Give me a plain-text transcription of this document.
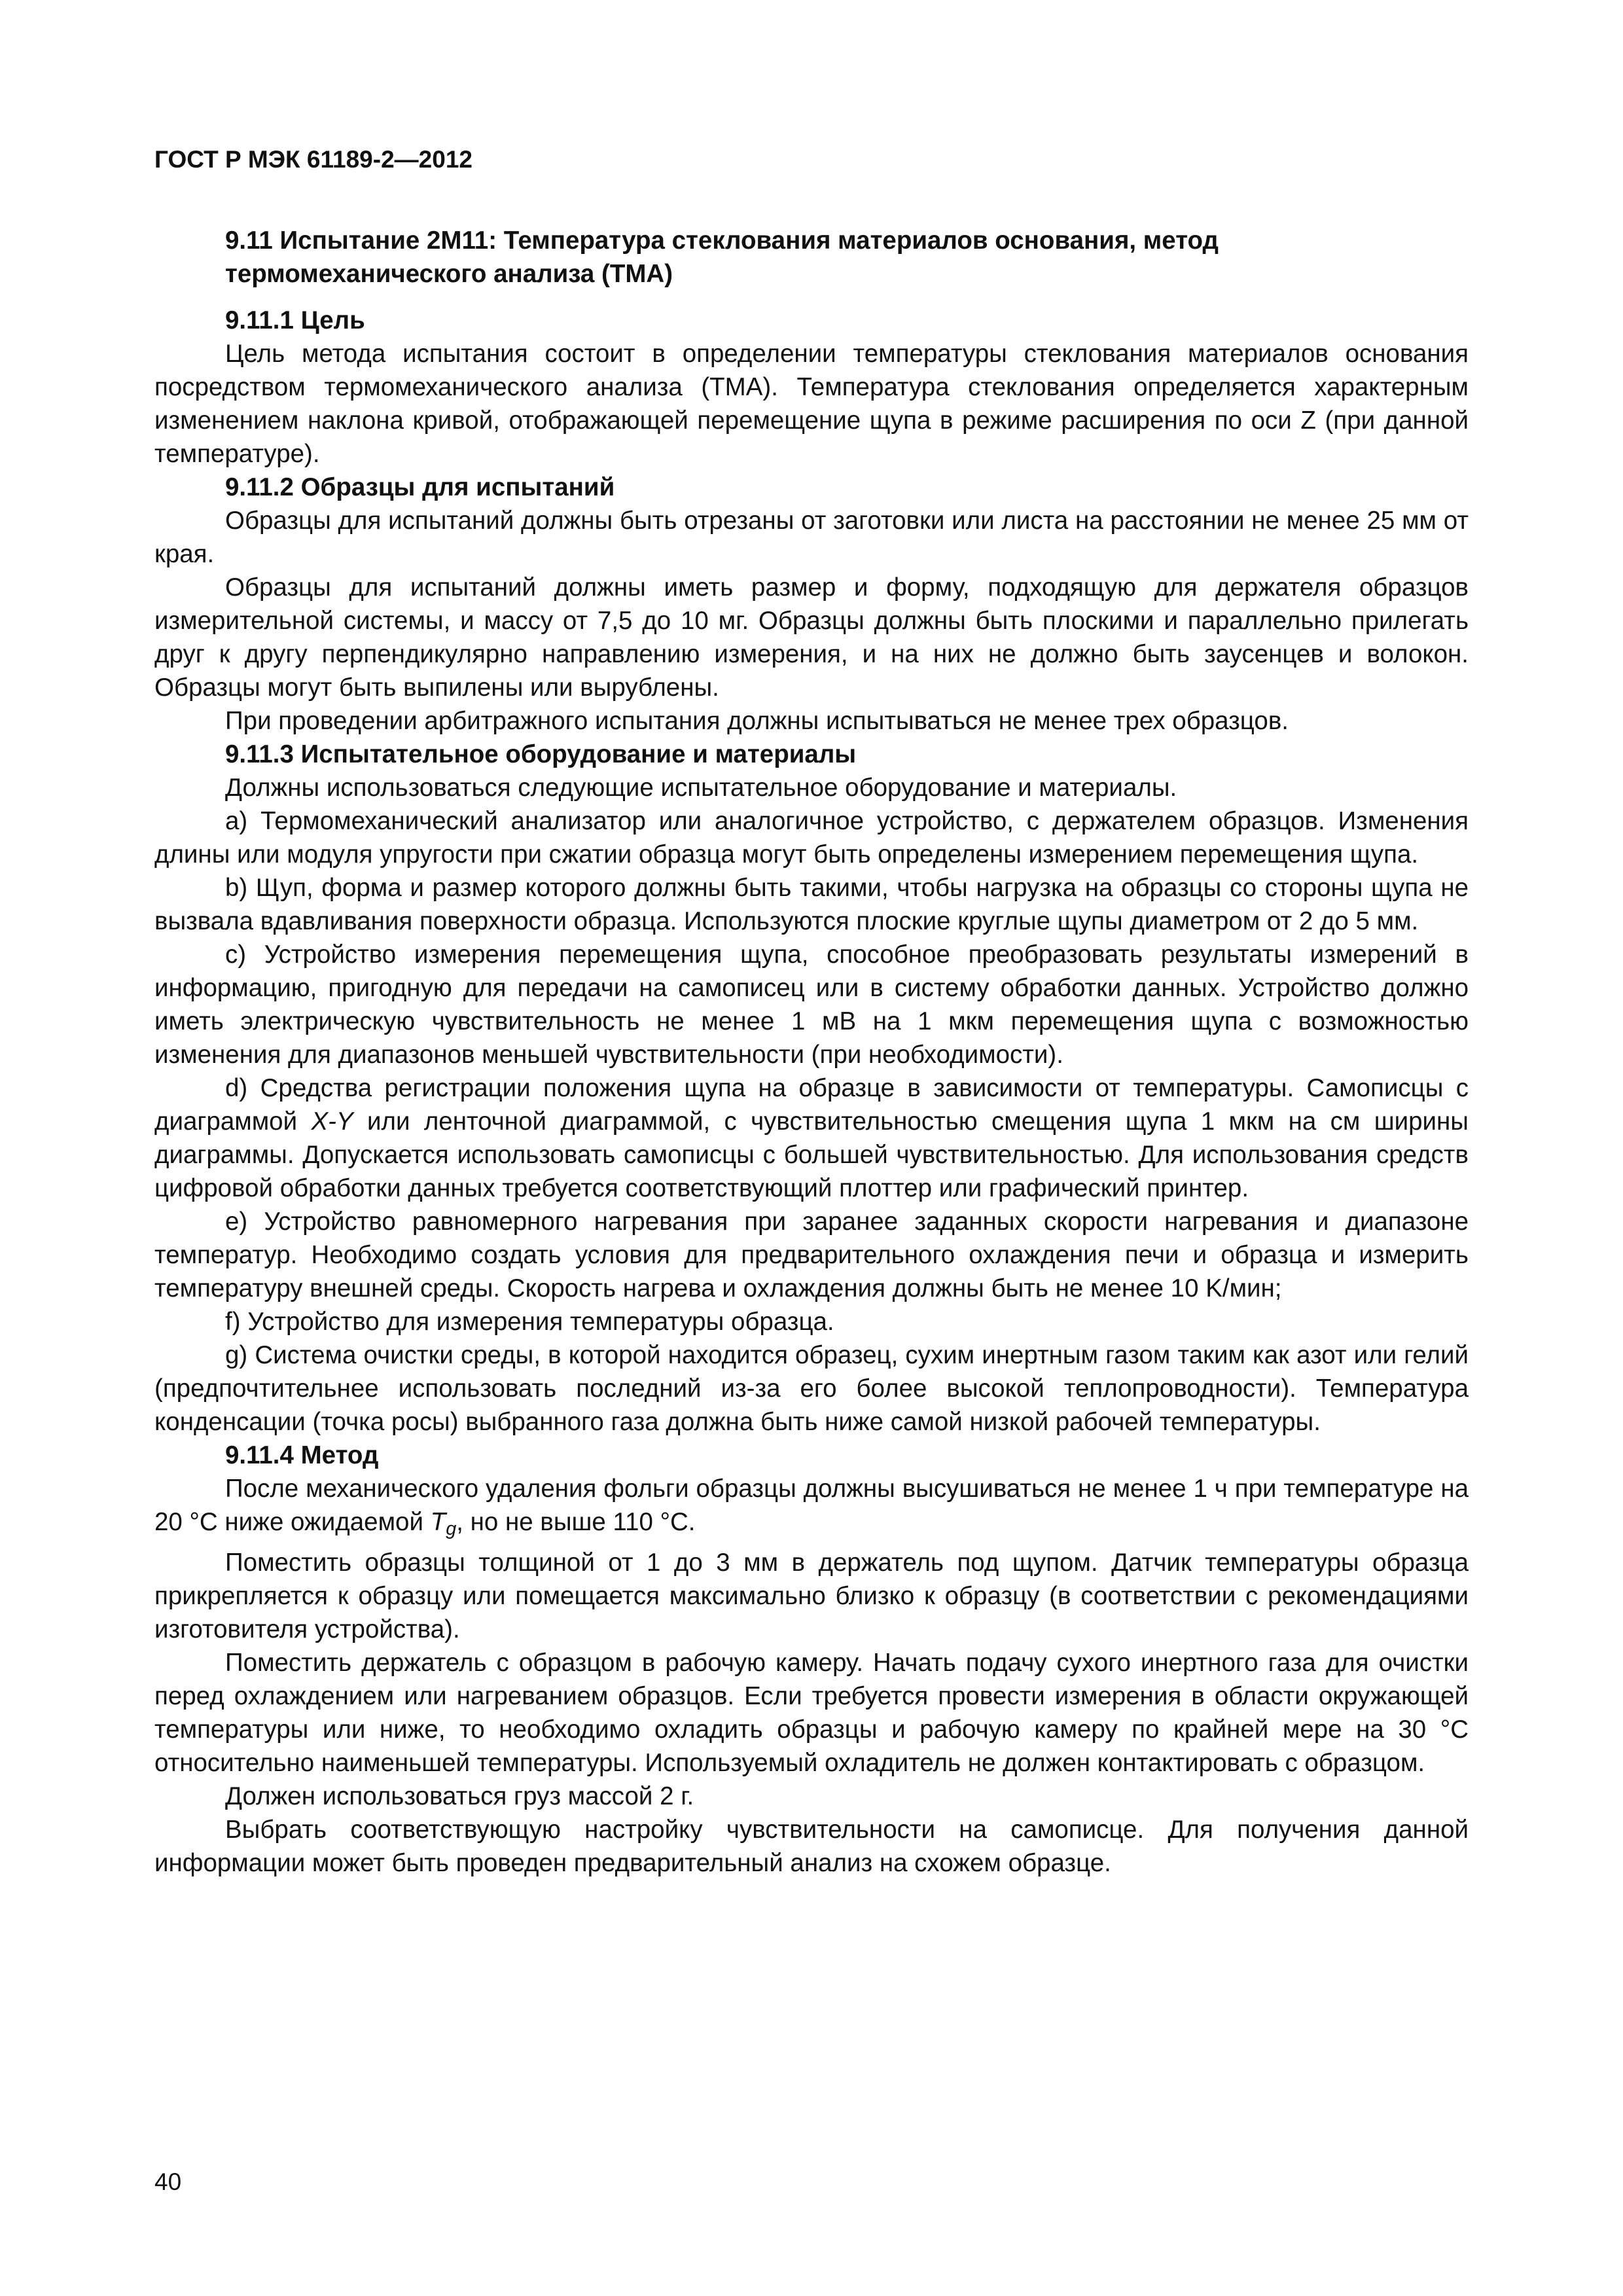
ГОСТ Р МЭК 61189-2—2012
9.11 Испытание 2М11: Температура стеклования материалов основания, метод термомеханического анализа (ТМА)
9.11.1 Цель

Цель метода испытания состоит в определении температуры стеклования материалов основания посредством термомеханического анализа (ТМА). Температура стеклования определяется характерным изменением наклона кривой, отображающей перемещение щупа в режиме расширения по оси Z (при данной температуре).

9.11.2 Образцы для испытаний

Образцы для испытаний должны быть отрезаны от заготовки или листа на расстоянии не менее 25 мм от края.

Образцы для испытаний должны иметь размер и форму, подходящую для держателя образцов измерительной системы, и массу от 7,5 до 10 мг. Образцы должны быть плоскими и параллельно прилегать друг к другу перпендикулярно направлению измерения, и на них не должно быть заусенцев и волокон. Образцы могут быть выпилены или вырублены.

При проведении арбитражного испытания должны испытываться не менее трех образцов.

9.11.3 Испытательное оборудование и материалы

Должны использоваться следующие испытательное оборудование и материалы.

a) Термомеханический анализатор или аналогичное устройство, с держателем образцов. Изменения длины или модуля упругости при сжатии образца могут быть определены измерением перемещения щупа.

b) Щуп, форма и размер которого должны быть такими, чтобы нагрузка на образцы со стороны щупа не вызвала вдавливания поверхности образца. Используются плоские круглые щупы диаметром от 2 до 5 мм.

c) Устройство измерения перемещения щупа, способное преобразовать результаты измерений в информацию, пригодную для передачи на самописец или в систему обработки данных. Устройство должно иметь электрическую чувствительность не менее 1 мВ на 1 мкм перемещения щупа с возможностью изменения для диапазонов меньшей чувствительности (при необходимости).

d) Средства регистрации положения щупа на образце в зависимости от температуры. Самописцы с диаграммой X-Y или ленточной диаграммой, с чувствительностью смещения щупа 1 мкм на см ширины диаграммы. Допускается использовать самописцы с большей чувствительностью. Для использования средств цифровой обработки данных требуется соответствующий плоттер или графический принтер.

e) Устройство равномерного нагревания при заранее заданных скорости нагревания и диапазоне температур. Необходимо создать условия для предварительного охлаждения печи и образца и измерить температуру внешней среды. Скорость нагрева и охлаждения должны быть не менее 10 K/мин;

f) Устройство для измерения температуры образца.

g) Система очистки среды, в которой находится образец, сухим инертным газом таким как азот или гелий (предпочтительнее использовать последний из-за его более высокой теплопроводности). Температура конденсации (точка росы) выбранного газа должна быть ниже самой низкой рабочей температуры.

9.11.4 Метод

После механического удаления фольги образцы должны высушиваться не менее 1 ч при температуре на 20 °С ниже ожидаемой $T_g$, но не выше 110 °С.

Поместить образцы толщиной от 1 до 3 мм в держатель под щупом. Датчик температуры образца прикрепляется к образцу или помещается максимально близко к образцу (в соответствии с рекомендациями изготовителя устройства).

Поместить держатель с образцом в рабочую камеру. Начать подачу сухого инертного газа для очистки перед охлаждением или нагреванием образцов. Если требуется провести измерения в области окружающей температуры или ниже, то необходимо охладить образцы и рабочую камеру по крайней мере на 30 °С относительно наименьшей температуры. Используемый охладитель не должен контактировать с образцом.

Должен использоваться груз массой 2 г.

Выбрать соответствующую настройку чувствительности на самописце. Для получения данной информации может быть проведен предварительный анализ на схожем образце.

40
